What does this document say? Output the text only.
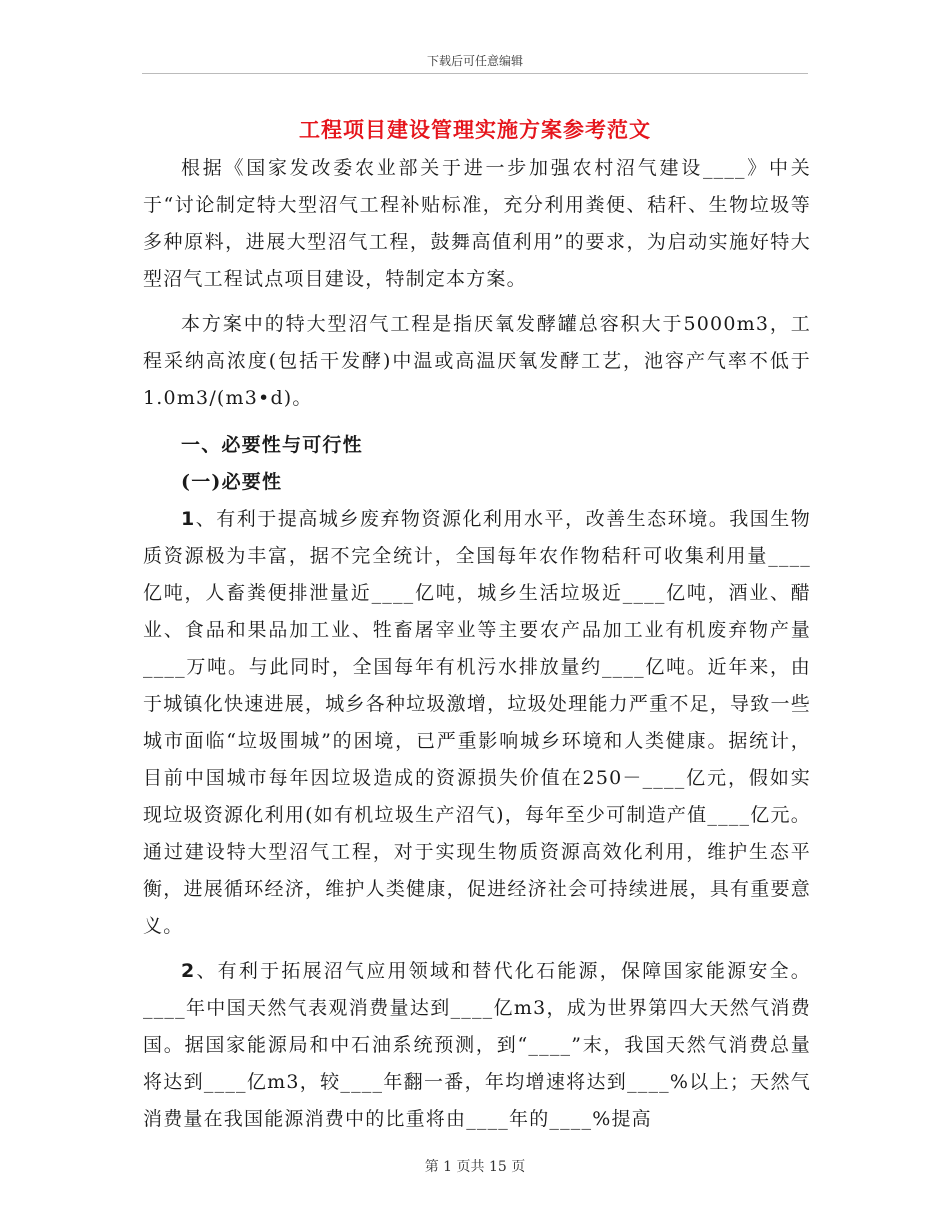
下载后可任意编辑
工程项目建设管理实施方案参考范文

根据《国家发改委农业部关于进一步加强农村沼气建设____》中关于“讨论制定特大型沼气工程补贴标准，充分利用粪便、秸秆、生物垃圾等多种原料，进展大型沼气工程，鼓舞高值利用”的要求，为启动实施好特大型沼气工程试点项目建设，特制定本方案。

本方案中的特大型沼气工程是指厌氧发酵罐总容积大于5000m3，工程采纳高浓度(包括干发酵)中温或高温厌氧发酵工艺，池容产气率不低于1.0m3/(m3•d)。

一、必要性与可行性

(一)必要性

1、有利于提高城乡废弃物资源化利用水平，改善生态环境。我国生物质资源极为丰富，据不完全统计，全国每年农作物秸秆可收集利用量____亿吨，人畜粪便排泄量近____亿吨，城乡生活垃圾近____亿吨，酒业、醋业、食品和果品加工业、牲畜屠宰业等主要农产品加工业有机废弃物产量____万吨。与此同时，全国每年有机污水排放量约____亿吨。近年来，由于城镇化快速进展，城乡各种垃圾激增，垃圾处理能力严重不足，导致一些城市面临“垃圾围城”的困境，已严重影响城乡环境和人类健康。据统计，目前中国城市每年因垃圾造成的资源损失价值在250－____亿元，假如实现垃圾资源化利用(如有机垃圾生产沼气)，每年至少可制造产值____亿元。通过建设特大型沼气工程，对于实现生物质资源高效化利用，维护生态平衡，进展循环经济，维护人类健康，促进经济社会可持续进展，具有重要意义。

2、有利于拓展沼气应用领域和替代化石能源，保障国家能源安全。____年中国天然气表观消费量达到____亿m3，成为世界第四大天然气消费国。据国家能源局和中石油系统预测，到“____”末，我国天然气消费总量将达到____亿m3，较____年翻一番，年均增速将达到____%以上；天然气消费量在我国能源消费中的比重将由____年的____%提高

第 1 页共 15 页
